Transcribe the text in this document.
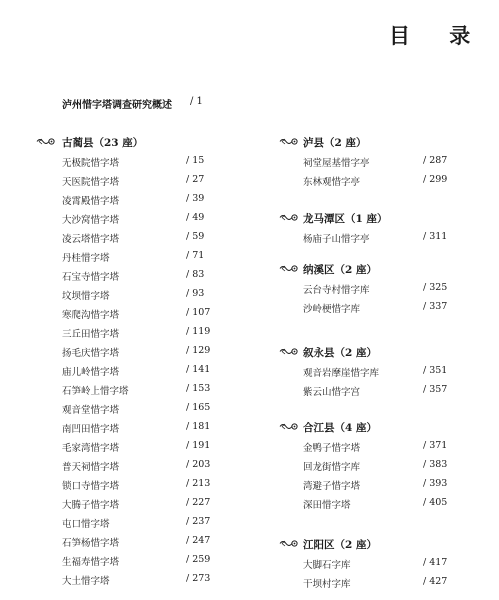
目 录
泸州惜字塔调查研究概述 / 1
古蔺县（23 座）
无极院惜字塔	/ 15
天医院惜字塔	/ 27
凌霄殿惜字塔	/ 39
大沙窝惜字塔	/ 49
凌云塔惜字塔	/ 59
丹桂惜字塔	/ 71
石宝寺惜字塔	/ 83
坟坝惜字塔	/ 93
寒爬沟惜字塔	/ 107
三丘田惜字塔	/ 119
扬毛庆惜字塔	/ 129
庙儿岭惜字塔	/ 141
石笋岭上惜字塔	/ 153
观音堂惜字塔	/ 165
南凹田惜字塔	/ 181
毛家湾惜字塔	/ 191
普天祠惜字塔	/ 203
锁口寺惜字塔	/ 213
大腾子惜字塔	/ 227
屯口惜字塔	/ 237
石笋杨惜字塔	/ 247
生福寿惜字塔	/ 259
大土惜字塔	/ 273
泸县（2 座）
祠堂屋基惜字亭	/ 287
东林观惜字亭	/ 299
龙马潭区（1 座）
杨庙子山惜字亭	/ 311
纳溪区（2 座）
云台寺村惜字库	/ 325
沙岭梗惜字库	/ 337
叙永县（2 座）
观音岩摩崖惜字库	/ 351
紫云山惜字宫	/ 357
合江县（4 座）
金鸭子惜字塔	/ 371
回龙街惜字库	/ 383
湾避子惜字塔	/ 393
深田惜字塔	/ 405
江阳区（2 座）
大脚石字库	/ 417
干坝村字库	/ 427
